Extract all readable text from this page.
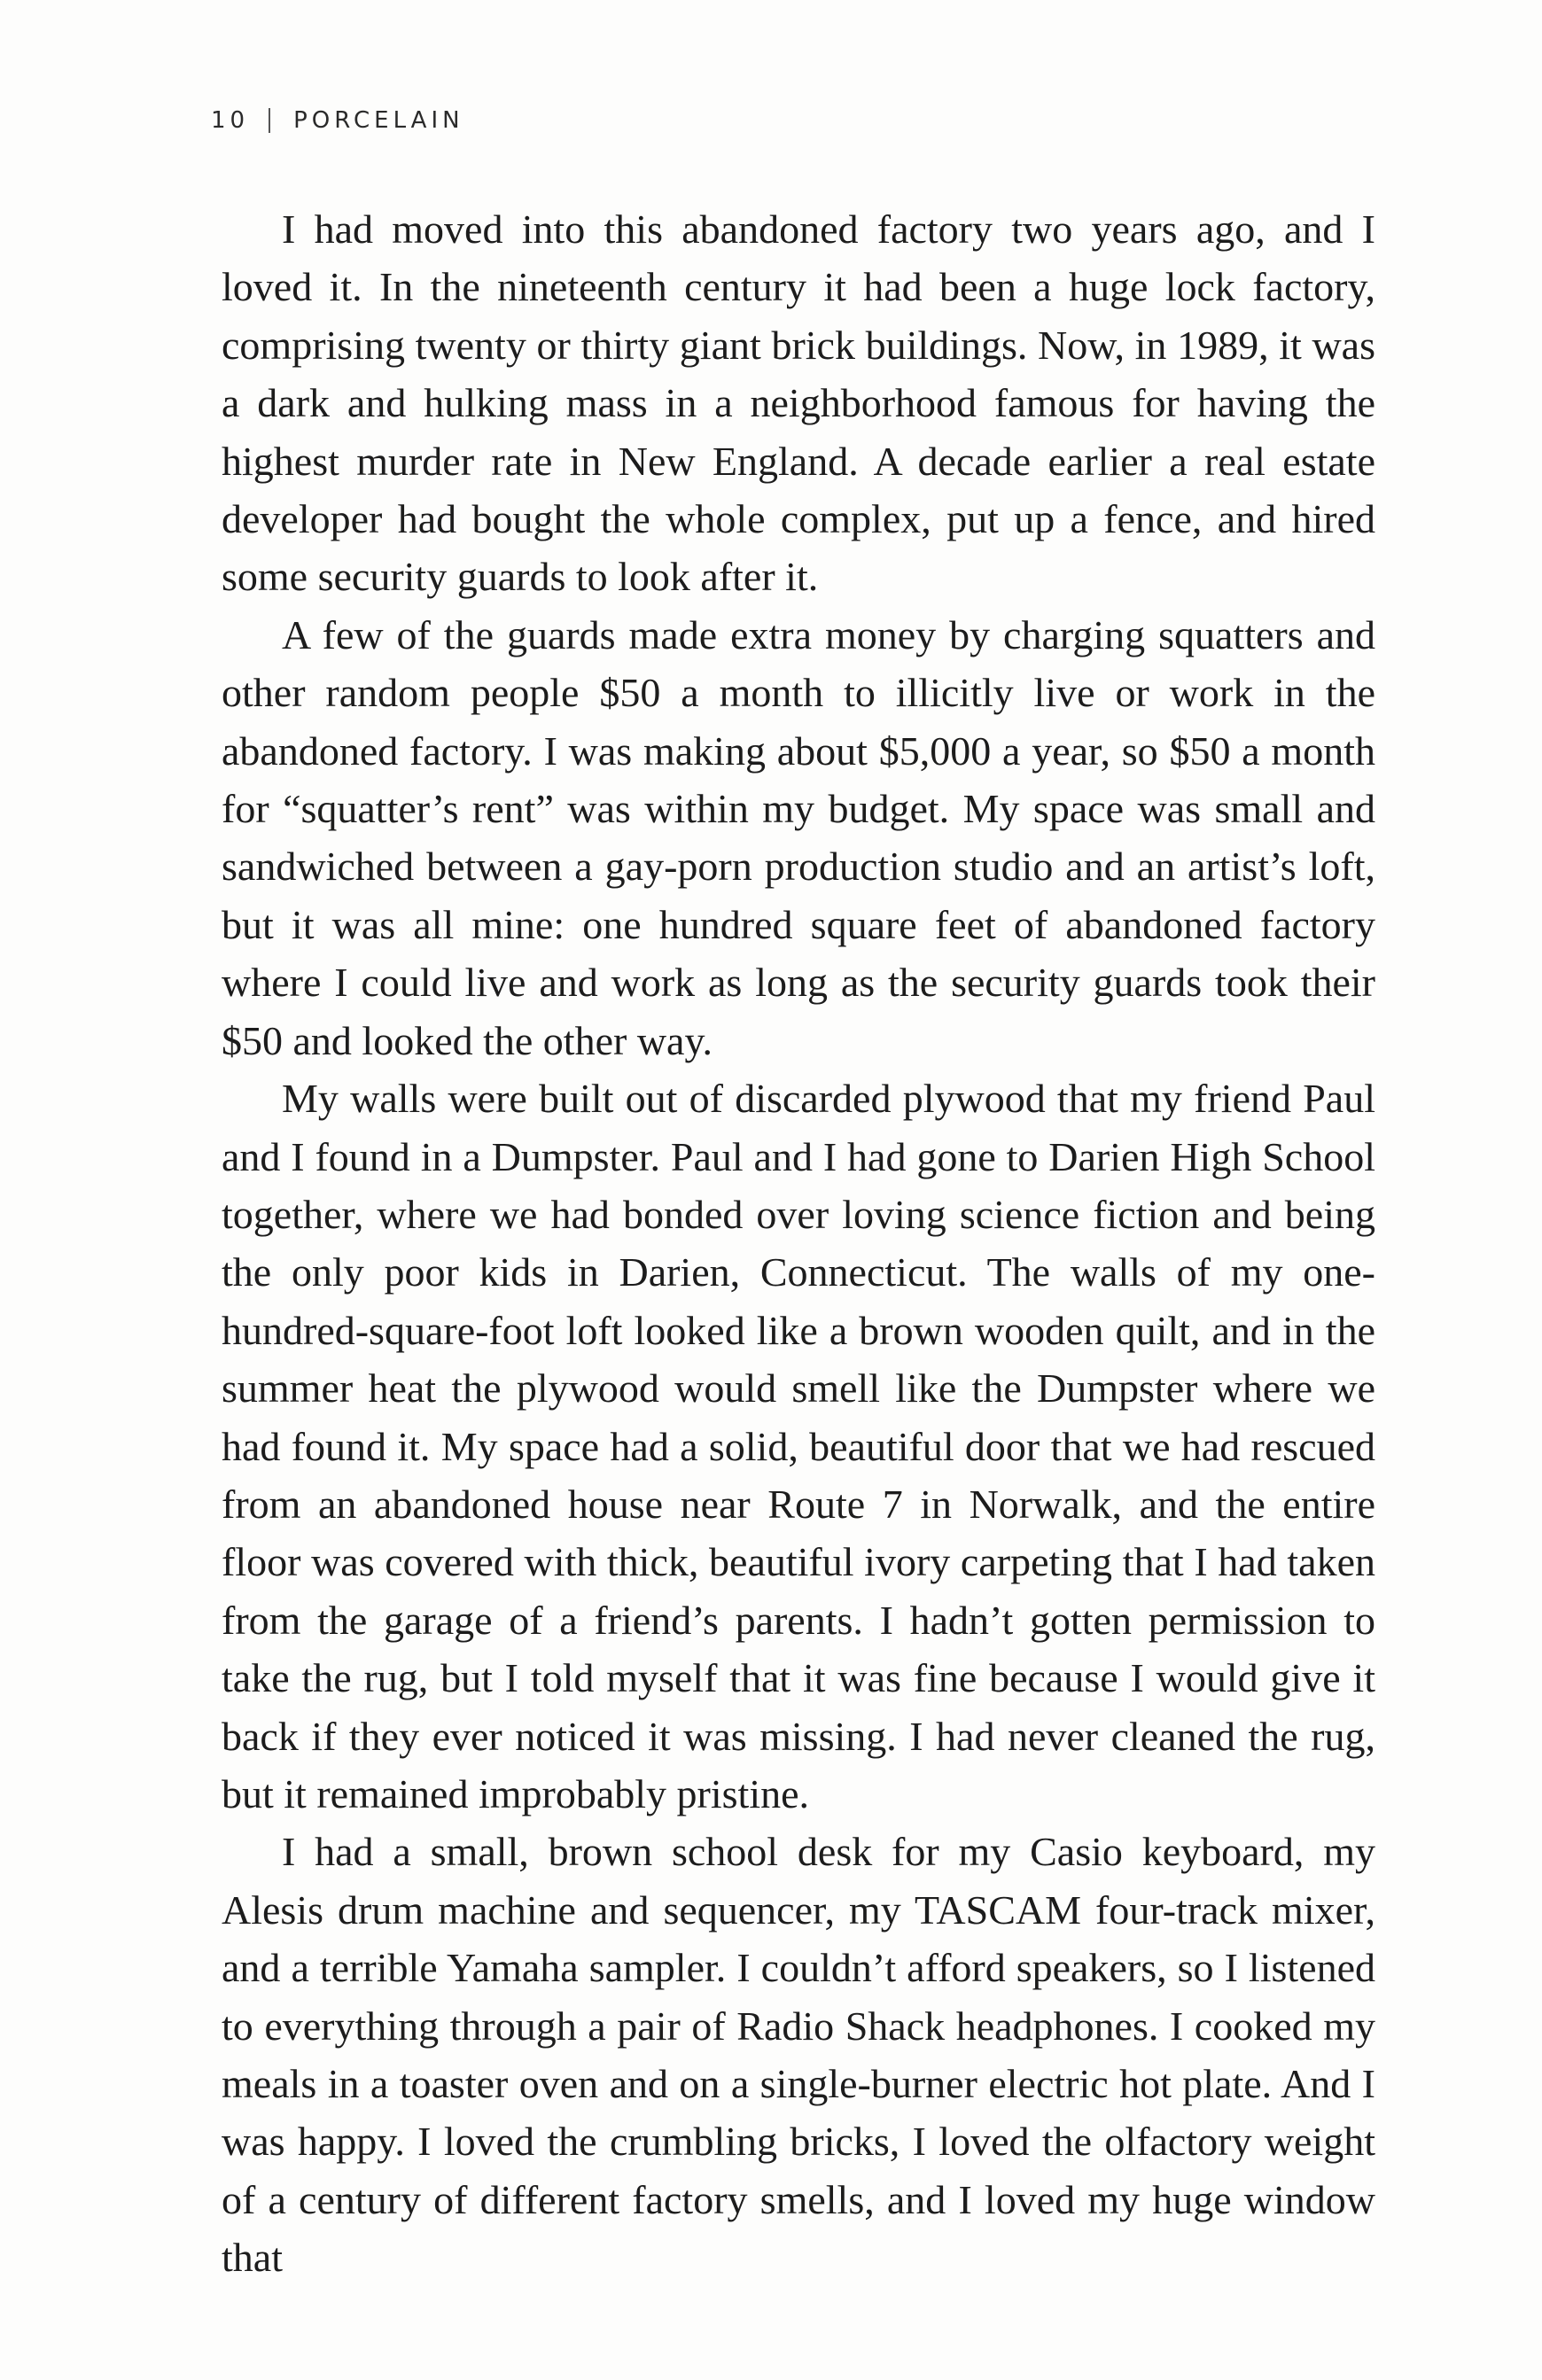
10 PORCELAIN

I had moved into this abandoned factory two years ago, and I loved it. In the nineteenth century it had been a huge lock factory, comprising twenty or thirty giant brick buildings. Now, in 1989, it was a dark and hulking mass in a neighborhood famous for having the highest murder rate in New England. A decade earlier a real estate developer had bought the whole complex, put up a fence, and hired some security guards to look after it.

A few of the guards made extra money by charging squatters and other random people $50 a month to illicitly live or work in the abandoned factory. I was making about $5,000 a year, so $50 a month for “squatter’s rent” was within my budget. My space was small and sandwiched between a gay-porn production studio and an artist’s loft, but it was all mine: one hundred square feet of abandoned factory where I could live and work as long as the security guards took their $50 and looked the other way.

My walls were built out of discarded plywood that my friend Paul and I found in a Dumpster. Paul and I had gone to Darien High School together, where we had bonded over loving science fiction and being the only poor kids in Darien, Connecticut. The walls of my one-hundred-square-foot loft looked like a brown wooden quilt, and in the summer heat the plywood would smell like the Dumpster where we had found it. My space had a solid, beautiful door that we had rescued from an abandoned house near Route 7 in Norwalk, and the entire floor was covered with thick, beautiful ivory carpeting that I had taken from the garage of a friend’s parents. I hadn’t gotten permission to take the rug, but I told myself that it was fine because I would give it back if they ever noticed it was missing. I had never cleaned the rug, but it remained improbably pristine.

I had a small, brown school desk for my Casio keyboard, my Alesis drum machine and sequencer, my TASCAM four-track mixer, and a terrible Yamaha sampler. I couldn’t afford speakers, so I listened to everything through a pair of Radio Shack headphones. I cooked my meals in a toaster oven and on a single-burner electric hot plate. And I was happy. I loved the crumbling bricks, I loved the olfactory weight of a century of different factory smells, and I loved my huge window that
